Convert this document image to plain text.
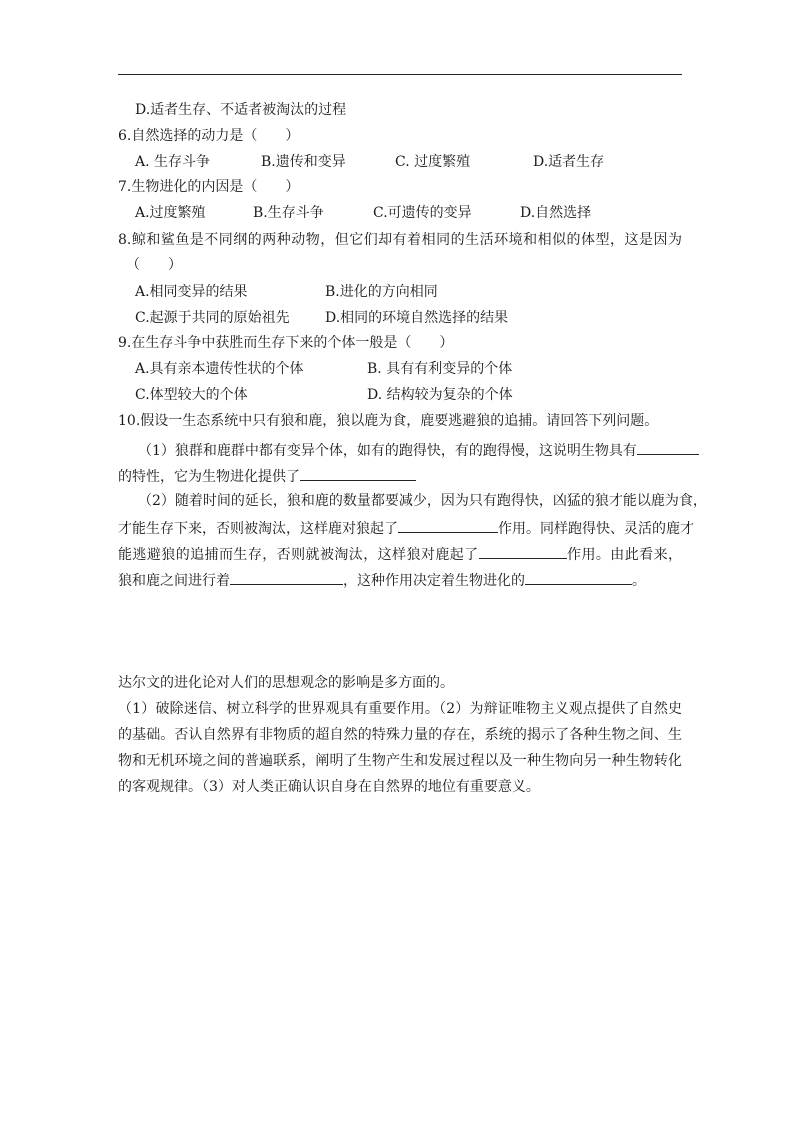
D.适者生存、不适者被淘汰的过程
6.自然选择的动力是（　　）
A. 生存斗争	B.遗传和变异	C. 过度繁殖	D.适者生存
7.生物进化的内因是（　　）
A.过度繁殖	B.生存斗争	C.可遗传的变异	D.自然选择
8.鲸和鲨鱼是不同纲的两种动物，但它们却有着相同的生活环境和相似的体型，这是因为
（　　）
A.相同变异的结果	B.进化的方向相同
C.起源于共同的原始祖先	D.相同的环境自然选择的结果
9.在生存斗争中获胜而生存下来的个体一般是（　　）
A.具有亲本遗传性状的个体	B. 具有有利变异的个体
C.体型较大的个体	D. 结构较为复杂的个体
10.假设一生态系统中只有狼和鹿，狼以鹿为食，鹿要逃避狼的追捕。请回答下列问题。
（1）狼群和鹿群中都有变异个体，如有的跑得快，有的跑得慢，这说明生物具有
的特性，它为生物进化提供了
（2）随着时间的延长，狼和鹿的数量都要减少，因为只有跑得快，凶猛的狼才能以鹿为食，
才能生存下来，否则被淘汰，这样鹿对狼起了	作用。同样跑得快、灵活的鹿才
能逃避狼的追捕而生存，否则就被淘汰，这样狼对鹿起了	作用。由此看来，
狼和鹿之间进行着	，这种作用决定着生物进化的	。
达尔文的进化论对人们的思想观念的影响是多方面的。
（1）破除迷信、树立科学的世界观具有重要作用。（2）为辩证唯物主义观点提供了自然史
的基础。否认自然界有非物质的超自然的特殊力量的存在，系统的揭示了各种生物之间、生
物和无机环境之间的普遍联系，阐明了生物产生和发展过程以及一种生物向另一种生物转化
的客观规律。（3）对人类正确认识自身在自然界的地位有重要意义。
